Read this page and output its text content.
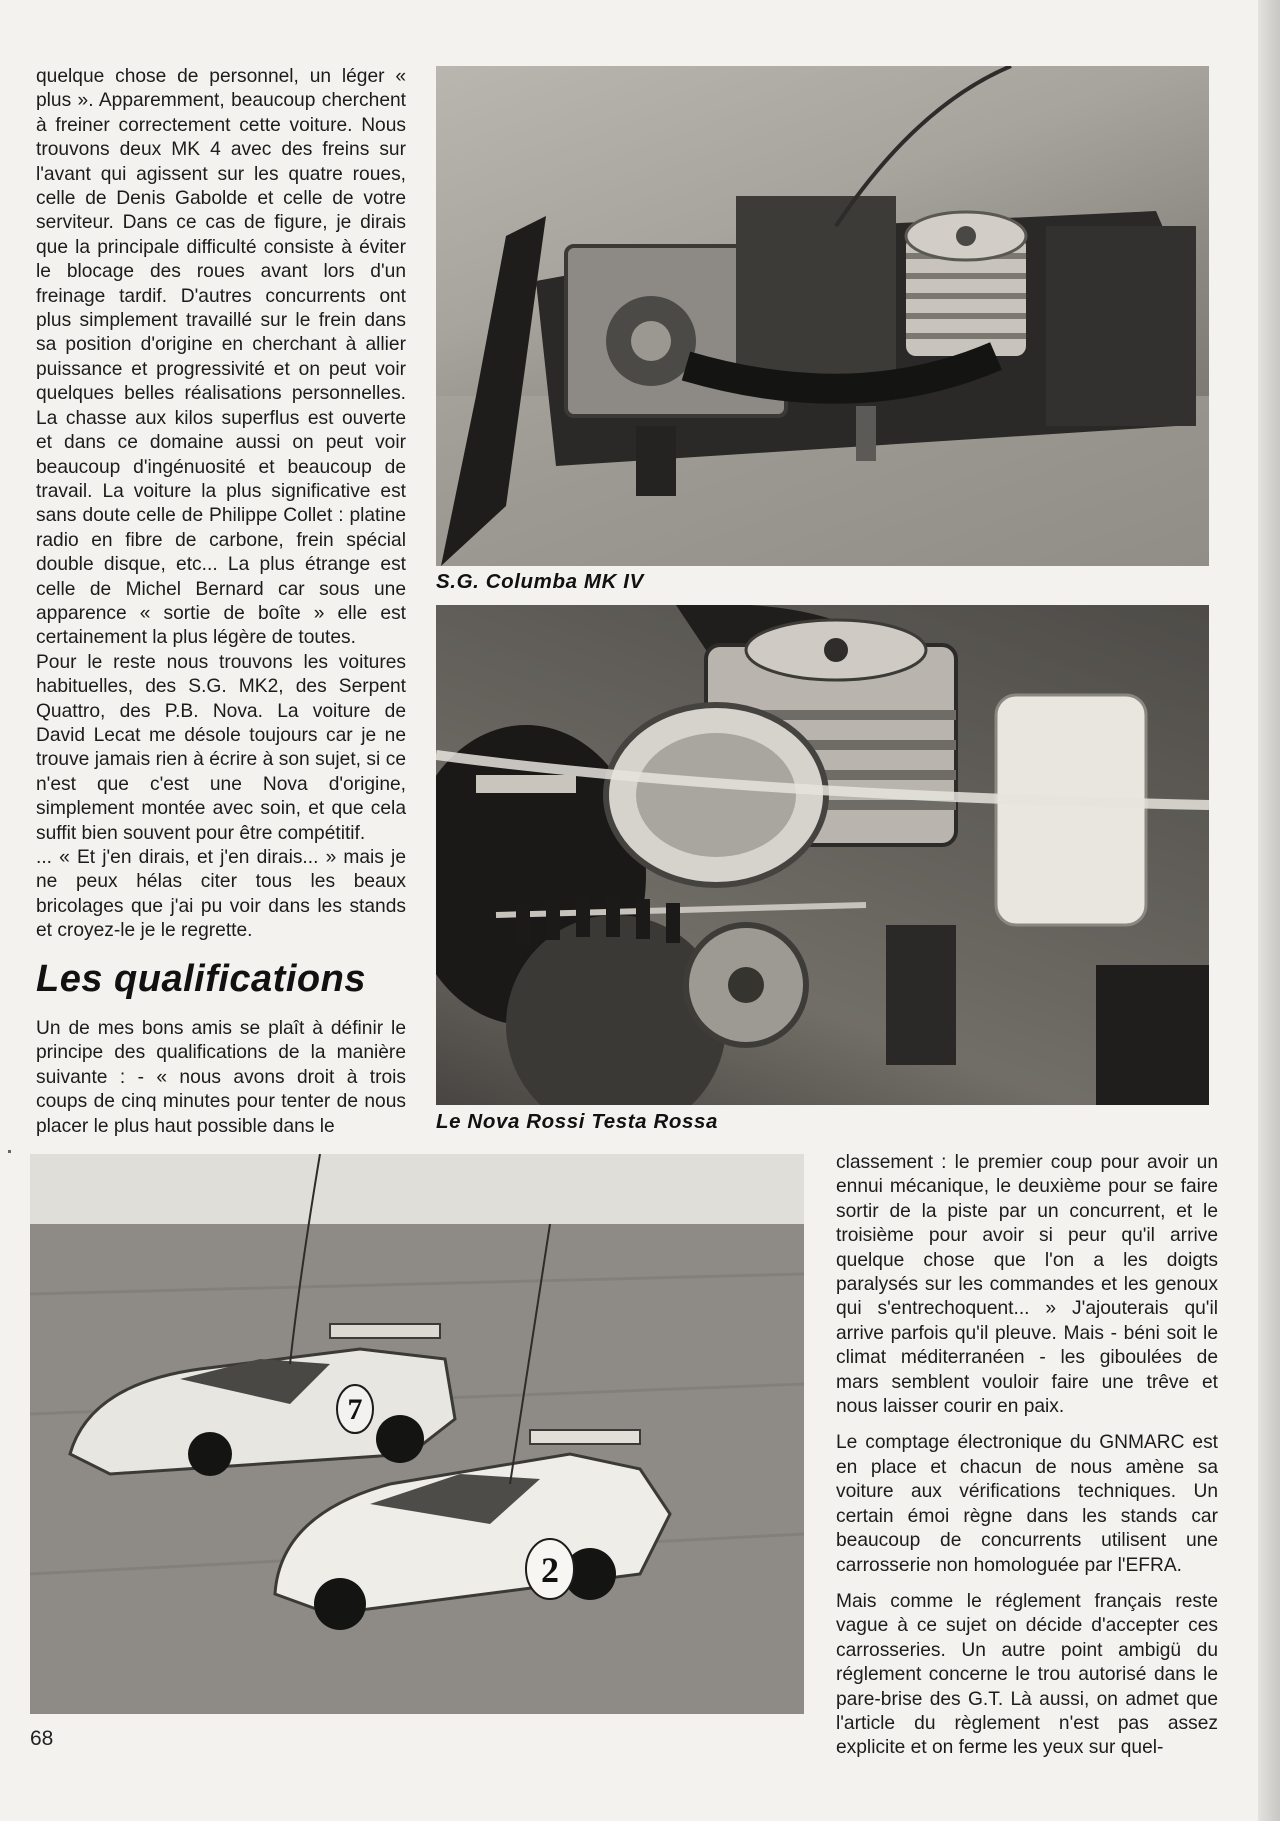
quelque chose de personnel, un léger « plus ». Apparemment, beaucoup cherchent à freiner correctement cette voiture. Nous trouvons deux MK 4 avec des freins sur l'avant qui agissent sur les quatre roues, celle de Denis Gabolde et celle de votre serviteur. Dans ce cas de figure, je dirais que la principale difficulté consiste à éviter le blocage des roues avant lors d'un freinage tardif. D'autres concurrents ont plus simplement travaillé sur le frein dans sa position d'origine en cherchant à allier puissance et progressivité et on peut voir quelques belles réalisations personnelles. La chasse aux kilos superflus est ouverte et dans ce domaine aussi on peut voir beaucoup d'ingénuosité et beaucoup de travail. La voiture la plus significative est sans doute celle de Philippe Collet : platine radio en fibre de carbone, frein spécial double disque, etc... La plus étrange est celle de Michel Bernard car sous une apparence « sortie de boîte » elle est certainement la plus légère de toutes.

Pour le reste nous trouvons les voitures habituelles, des S.G. MK2, des Serpent Quattro, des P.B. Nova. La voiture de David Lecat me désole toujours car je ne trouve jamais rien à écrire à son sujet, si ce n'est que c'est une Nova d'origine, simplement montée avec soin, et que cela suffit bien souvent pour être compétitif.

... « Et j'en dirais, et j'en dirais... » mais je ne peux hélas citer tous les beaux bricolages que j'ai pu voir dans les stands et croyez-le je le regrette.

Les qualifications

Un de mes bons amis se plaît à définir le principe des qualifications de la manière suivante : - « nous avons droit à trois coups de cinq minutes pour tenter de nous placer le plus haut possible dans le

S.G. Columba MK IV
Le Nova Rossi Testa Rossa
7
2

classement : le premier coup pour avoir un ennui mécanique, le deuxième pour se faire sortir de la piste par un concurrent, et le troisième pour avoir si peur qu'il arrive quelque chose que l'on a les doigts paralysés sur les commandes et les genoux qui s'entrechoquent... » J'ajouterais qu'il arrive parfois qu'il pleuve. Mais - béni soit le climat méditerranéen - les giboulées de mars semblent vouloir faire une trêve et nous laisser courir en paix.

Le comptage électronique du GNMARC est en place et chacun de nous amène sa voiture aux vérifications techniques. Un certain émoi règne dans les stands car beaucoup de concurrents utilisent une carrosserie non homologuée par l'EFRA.

Mais comme le réglement français reste vague à ce sujet on décide d'accepter ces carrosseries. Un autre point ambigü du réglement concerne le trou autorisé dans le pare-brise des G.T. Là aussi, on admet que l'article du règlement n'est pas assez explicite et on ferme les yeux sur quel-

68
